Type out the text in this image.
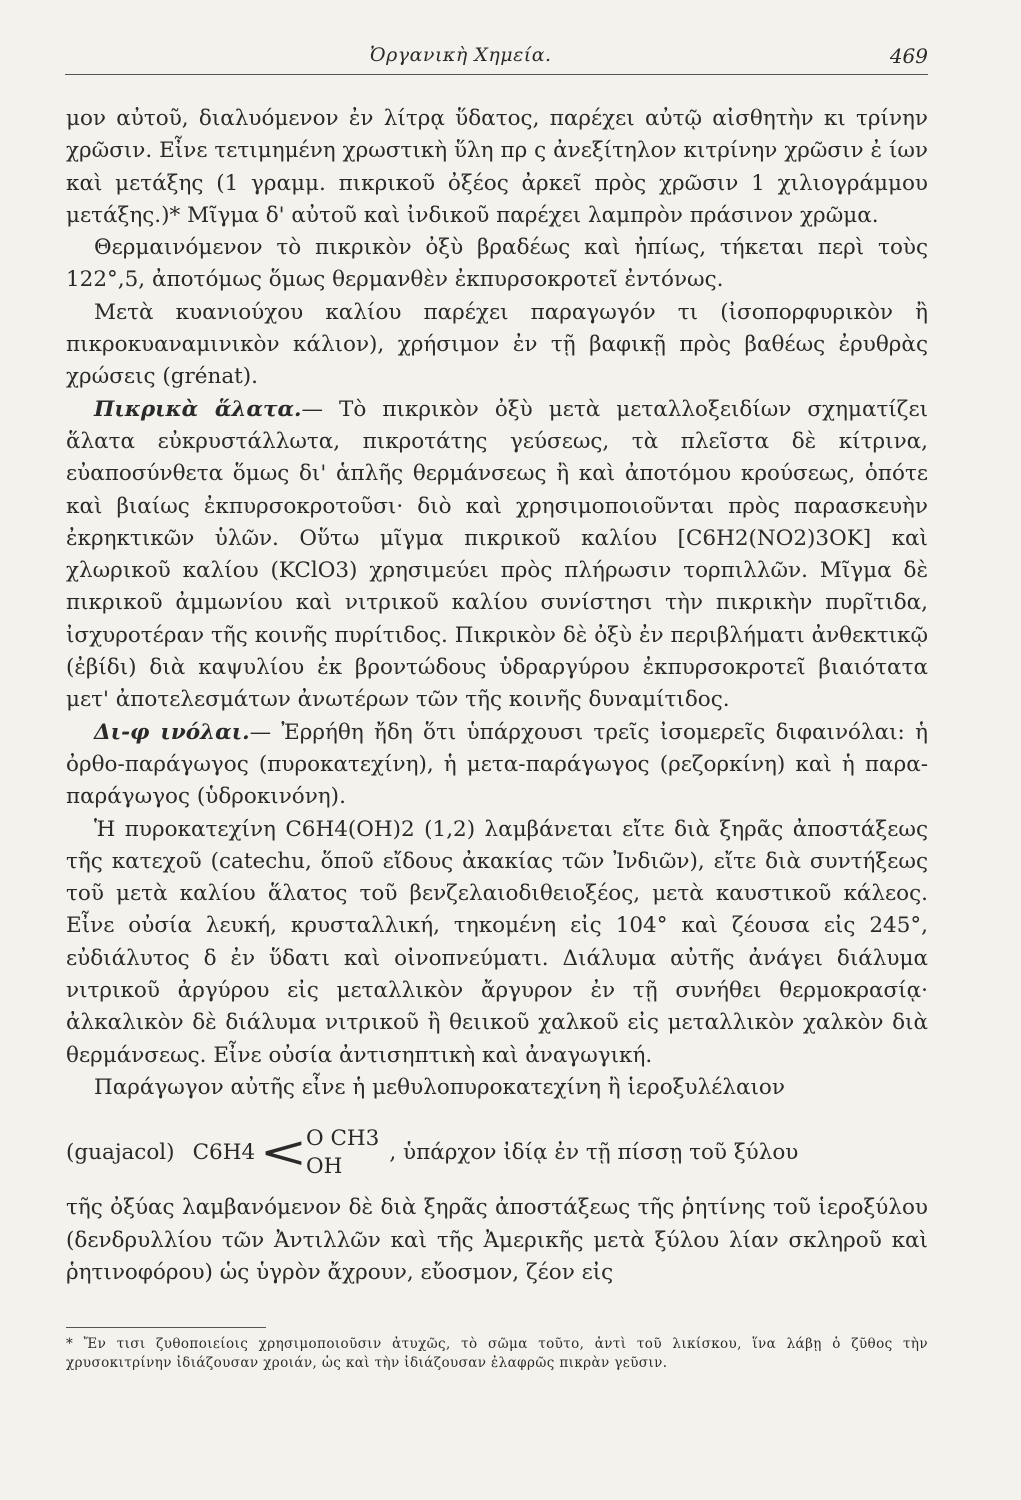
Ὀργανικὴ Χημεία.	469

μον αὐτοῦ, διαλυόμενον ἐν λίτρᾳ ὕδατος, παρέχει αὐτῷ αἰσθητὴν κι τρίνην χρῶσιν. Εἶνε τετιμημένη χρωστικὴ ὕλη πρ ς ἀνεξίτηλον κιτρίνην χρῶσιν ἐ ίων καὶ μετάξης (1 γραμμ. πικρικοῦ ὀξέος ἀρκεῖ πρὸς χρῶσιν 1 χιλιογράμμου μετάξης.)* Μῖγμα δ' αὐτοῦ καὶ ἰνδικοῦ παρέχει λαμπρὸν πράσινον χρῶμα.

Θερμαινόμενον τὸ πικρικὸν ὀξὺ βραδέως καὶ ἠπίως, τήκεται περὶ τοὺς 122°,5, ἀποτόμως ὅμως θερμανθὲν ἐκπυρσοκροτεῖ ἐντόνως.

Μετὰ κυανιούχου καλίου παρέχει παραγωγόν τι (ἰσοπορφυρικὸν ἢ πικροκυαναμινικὸν κάλιον), χρήσιμον ἐν τῇ βαφικῇ πρὸς βαθέως ἐρυθρὰς χρώσεις (grénat).

Πικρικὰ ἅλατα.— Τὸ πικρικὸν ὀξὺ μετὰ μεταλλοξειδίων σχηματίζει ἅλατα εὐκρυστάλλωτα, πικροτάτης γεύσεως, τὰ πλεῖστα δὲ κίτρινα, εὐαποσύνθετα ὅμως δι' ἁπλῆς θερμάνσεως ἢ καὶ ἀποτόμου κρούσεως, ὁπότε καὶ βιαίως ἐκπυρσοκροτοῦσι· διὸ καὶ χρησιμοποιοῦνται πρὸς παρασκευὴν ἐκρηκτικῶν ὑλῶν. Οὕτω μῖγμα πικρικοῦ καλίου [C6H2(NO2)3OK] καὶ χλωρικοῦ καλίου (KClO3) χρησιμεύει πρὸς πλήρωσιν τορπιλλῶν. Μῖγμα δὲ πικρικοῦ ἀμμωνίου καὶ νιτρικοῦ καλίου συνίστησι τὴν πικρικὴν πυρῖτιδα, ἰσχυροτέραν τῆς κοινῆς πυρίτιδος. Πικρικὸν δὲ ὀξὺ ἐν περιβλήματι ἀνθεκτικῷ (ἐβίδι) διὰ καψυλίου ἐκ βροντώδους ὑδραργύρου ἐκπυρσοκροτεῖ βιαιότατα μετ' ἀποτελεσμάτων ἀνωτέρων τῶν τῆς κοινῆς δυναμίτιδος.

Δι-φ ινόλαι.— Ἐρρήθη ἤδη ὅτι ὑπάρχουσι τρεῖς ἰσομερεῖς διφαινόλαι: ἡ ὀρθο-παράγωγος (πυροκατεχίνη), ἡ μετα-παράγωγος (ρεζορκίνη) καὶ ἡ παρα-παράγωγος (ὑδροκινόνη).

Ἡ πυροκατεχίνη C6H4(OH)2 (1,2) λαμβάνεται εἴτε διὰ ξηρᾶς ἀποστάξεως τῆς κατεχοῦ (catechu, ὅποῦ εἴδους ἀκακίας τῶν Ἰνδιῶν), εἴτε διὰ συντήξεως τοῦ μετὰ καλίου ἅλατος τοῦ βενζελαιοδιθειοξέος, μετὰ καυστικοῦ κάλεος. Εἶνε οὐσία λευκή, κρυσταλλική, τηκομένη εἰς 104° καὶ ζέουσα εἰς 245°, εὐδιάλυτος δ ἐν ὕδατι καὶ οἰνοπνεύματι. Διάλυμα αὐτῆς ἀνάγει διάλυμα νιτρικοῦ ἀργύρου εἰς μεταλλικὸν ἄργυρον ἐν τῇ συνήθει θερμοκρασίᾳ· ἀλκαλικὸν δὲ διάλυμα νιτρικοῦ ἢ θειικοῦ χαλκοῦ εἰς μεταλλικὸν χαλκὸν διὰ θερμάνσεως. Εἶνε οὐσία ἀντισηπτικὴ καὶ ἀναγωγική.

Παράγωγον αὐτῆς εἶνε ἡ μεθυλοπυροκατεχίνη ἢ ἱεροξυλέλαιον

(guajacol) C6H4 <
O CH3
OH
, ὑπάρχον ἰδίᾳ ἐν τῇ πίσσῃ τοῦ ξύλου

τῆς ὀξύας λαμβανόμενον δὲ διὰ ξηρᾶς ἀποστάξεως τῆς ῥητίνης τοῦ ἱεροξύλου (δενδρυλλίου τῶν Ἀντιλλῶν καὶ τῆς Ἀμερικῆς μετὰ ξύλου λίαν σκληροῦ καὶ ῥητινοφόρου) ὡς ὑγρὸν ἄχρουν, εὔοσμον, ζέον εἰς

* Ἔν τισι ζυθοποιείοις χρησιμοποιοῦσιν ἀτυχῶς, τὸ σῶμα τοῦτο, ἀντὶ τοῦ λικίσκου, ἵνα λάβῃ ὁ ζῦθος τὴν χρυσοκιτρίνην ἰδιάζουσαν χροιάν, ὡς καὶ τὴν ἰδιάζουσαν ἐλαφρῶς πικρὰν γεῦσιν.
